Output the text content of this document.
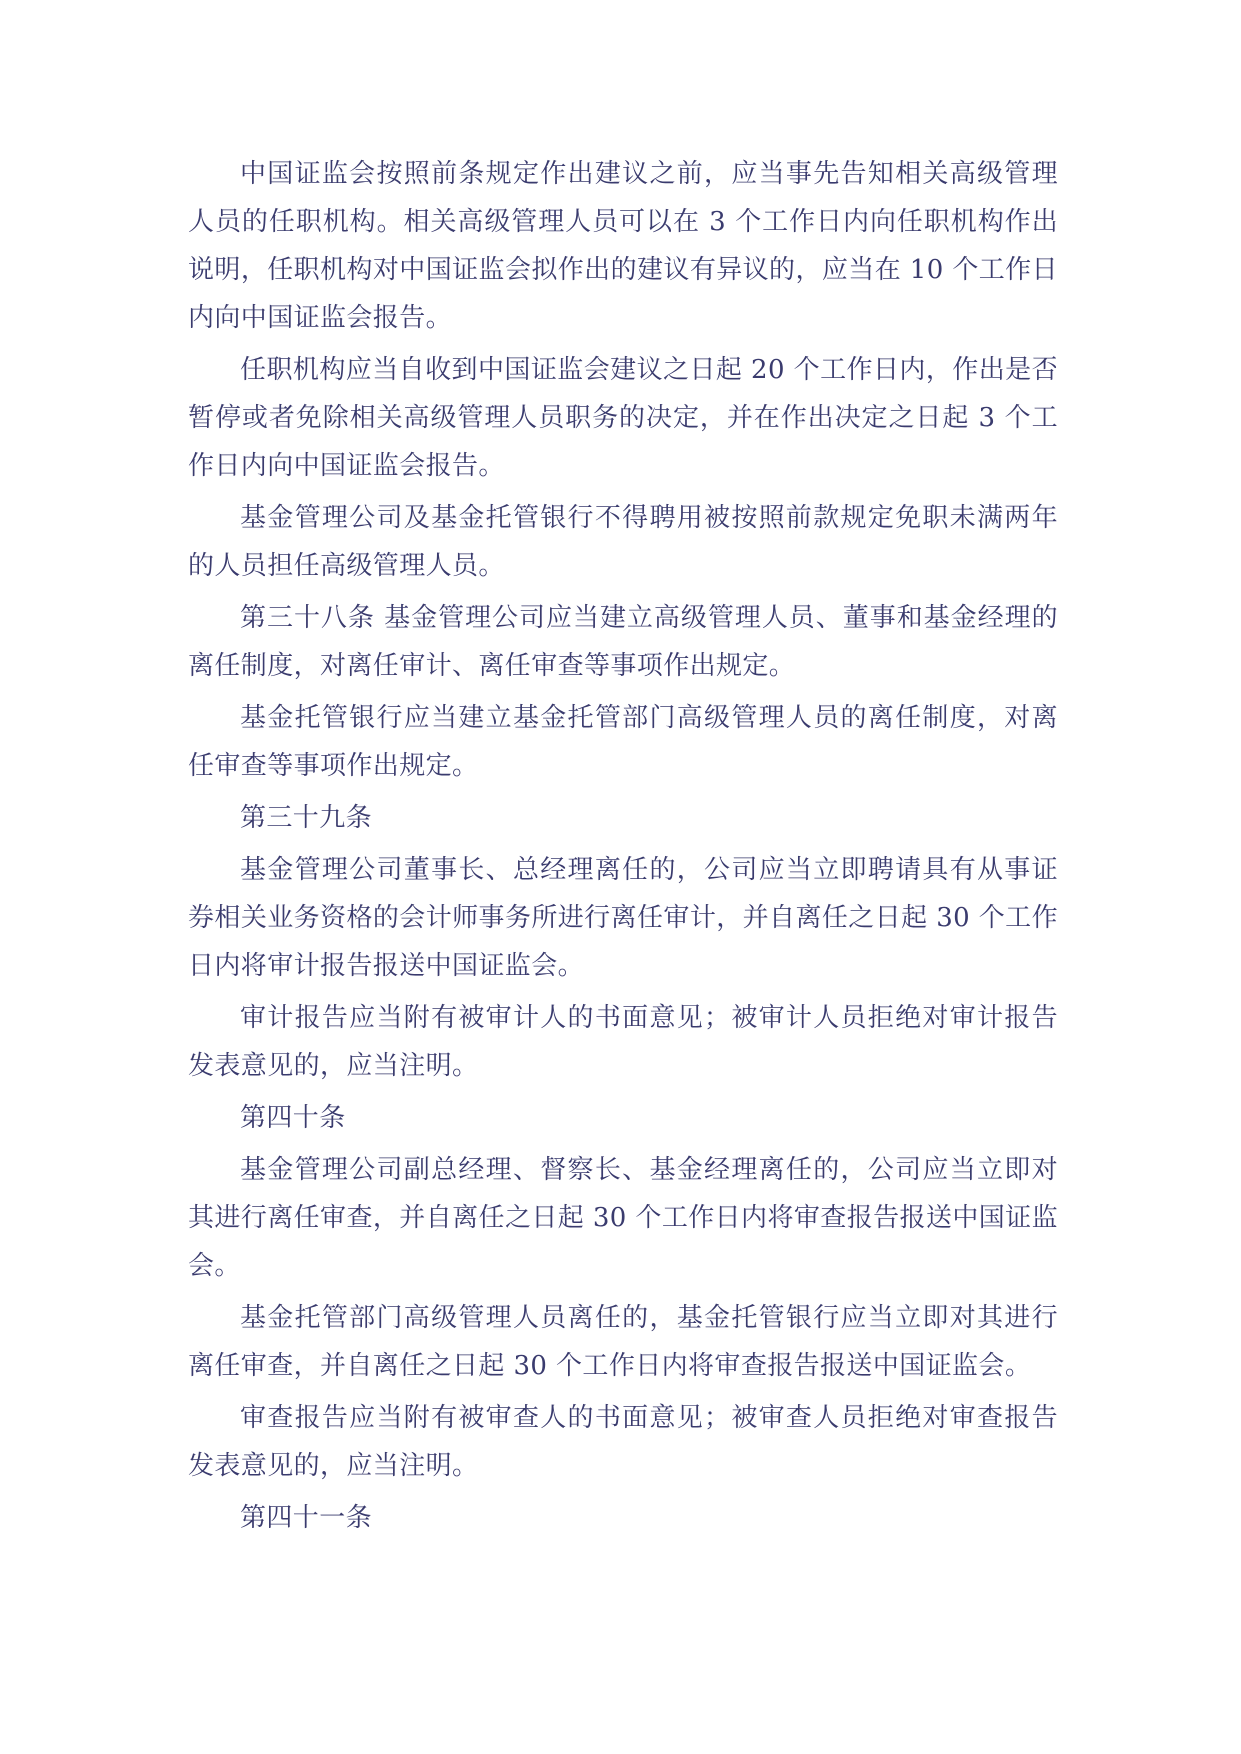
中国证监会按照前条规定作出建议之前，应当事先告知相关高级管理人员的任职机构。相关高级管理人员可以在 3 个工作日内向任职机构作出说明，任职机构对中国证监会拟作出的建议有异议的，应当在 10 个工作日内向中国证监会报告。

任职机构应当自收到中国证监会建议之日起 20 个工作日内，作出是否暂停或者免除相关高级管理人员职务的决定，并在作出决定之日起 3 个工作日内向中国证监会报告。

基金管理公司及基金托管银行不得聘用被按照前款规定免职未满两年的人员担任高级管理人员。

第三十八条 基金管理公司应当建立高级管理人员、董事和基金经理的离任制度，对离任审计、离任审查等事项作出规定。

基金托管银行应当建立基金托管部门高级管理人员的离任制度，对离任审查等事项作出规定。

第三十九条

基金管理公司董事长、总经理离任的，公司应当立即聘请具有从事证券相关业务资格的会计师事务所进行离任审计，并自离任之日起 30 个工作日内将审计报告报送中国证监会。

审计报告应当附有被审计人的书面意见；被审计人员拒绝对审计报告发表意见的，应当注明。

第四十条

基金管理公司副总经理、督察长、基金经理离任的，公司应当立即对其进行离任审查，并自离任之日起 30 个工作日内将审查报告报送中国证监会。

基金托管部门高级管理人员离任的，基金托管银行应当立即对其进行离任审查，并自离任之日起 30 个工作日内将审查报告报送中国证监会。

审查报告应当附有被审查人的书面意见；被审查人员拒绝对审查报告发表意见的，应当注明。

第四十一条
